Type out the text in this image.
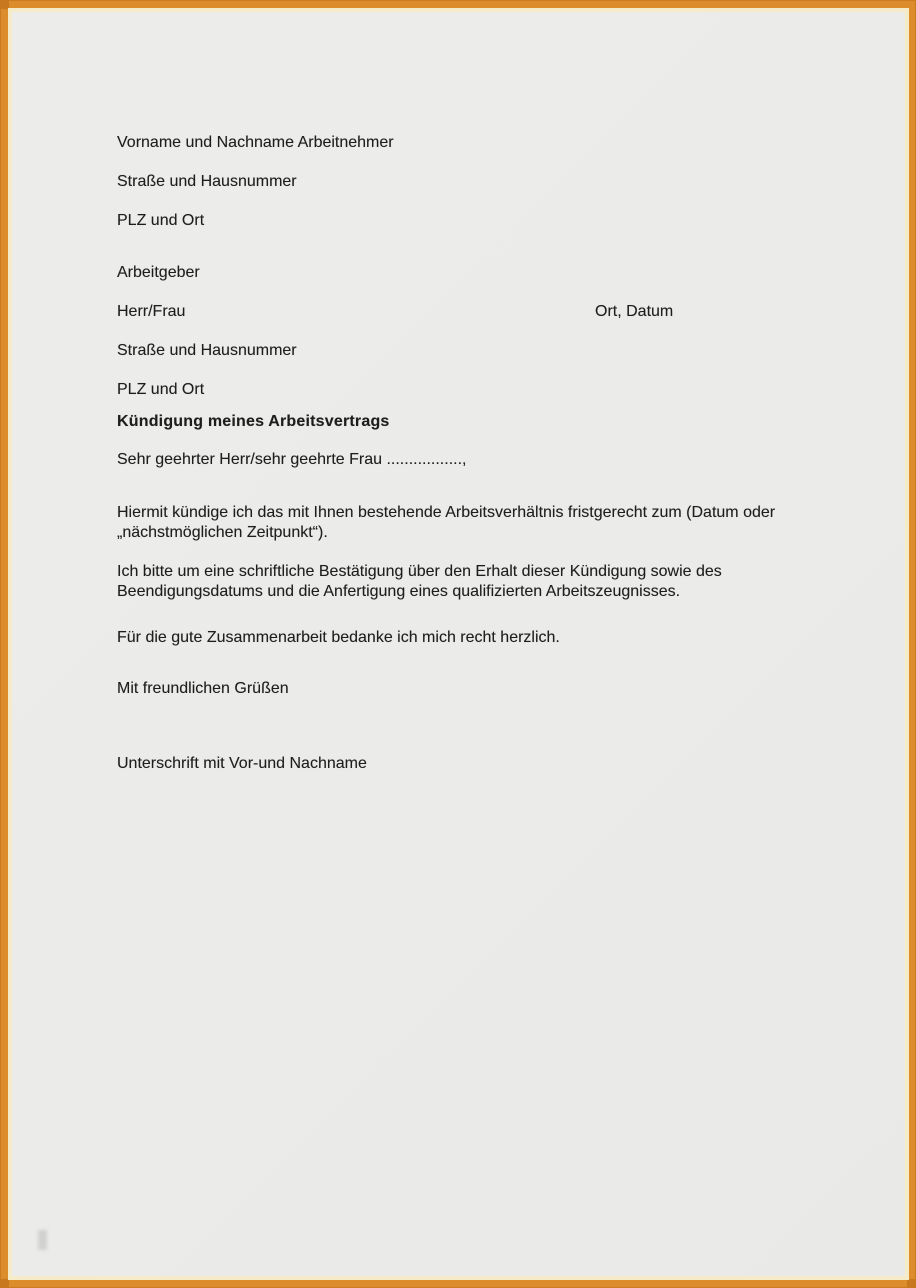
Vorname und Nachname Arbeitnehmer

Straße und Hausnummer

PLZ und Ort

Arbeitgeber

Herr/Frau

Straße und Hausnummer

PLZ und Ort

Ort, Datum
Kündigung meines Arbeitsvertrags
Sehr geehrter Herr/sehr geehrte Frau .................,

Hiermit kündige ich das mit Ihnen bestehende Arbeitsverhältnis fristgerecht zum (Datum oder „nächstmöglichen Zeitpunkt“).

Ich bitte um eine schriftliche Bestätigung über den Erhalt dieser Kündigung sowie des Beendigungsdatums und die Anfertigung eines qualifizierten Arbeitszeugnisses.

Für die gute Zusammenarbeit bedanke ich mich recht herzlich.

Mit freundlichen Grüßen
Unterschrift mit Vor-und Nachname
